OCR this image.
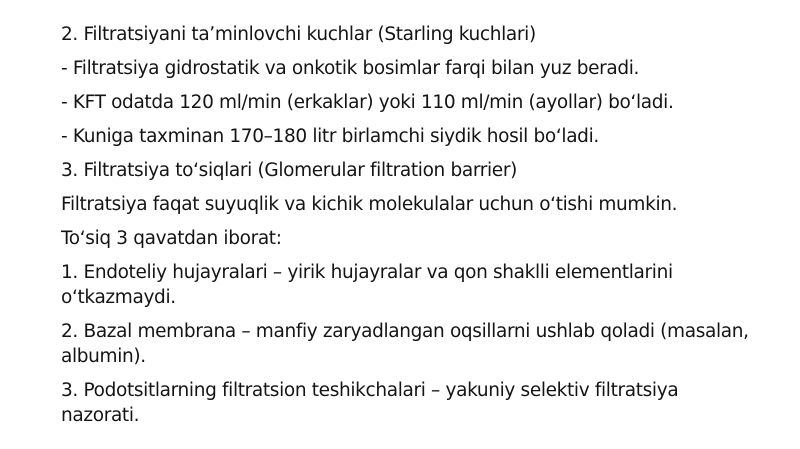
2. Filtratsiyani taʼminlovchi kuchlar (Starling kuchlari)

- Filtratsiya gidrostatik va onkotik bosimlar farqi bilan yuz beradi.

- KFT odatda 120 ml/min (erkaklar) yoki 110 ml/min (ayollar) boʻladi.

- Kuniga taxminan 170–180 litr birlamchi siydik hosil boʻladi.

3. Filtratsiya toʻsiqlari (Glomerular filtration barrier)

Filtratsiya faqat suyuqlik va kichik molekulalar uchun oʻtishi mumkin.

Toʻsiq 3 qavatdan iborat:

1. Endoteliy hujayralari – yirik hujayralar va qon shaklli elementlarini oʻtkazmaydi.

2. Bazal membrana – manfiy zaryadlangan oqsillarni ushlab qoladi (masalan, albumin).

3. Podotsitlarning filtratsion teshikchalari – yakuniy selektiv filtratsiya nazorati.
